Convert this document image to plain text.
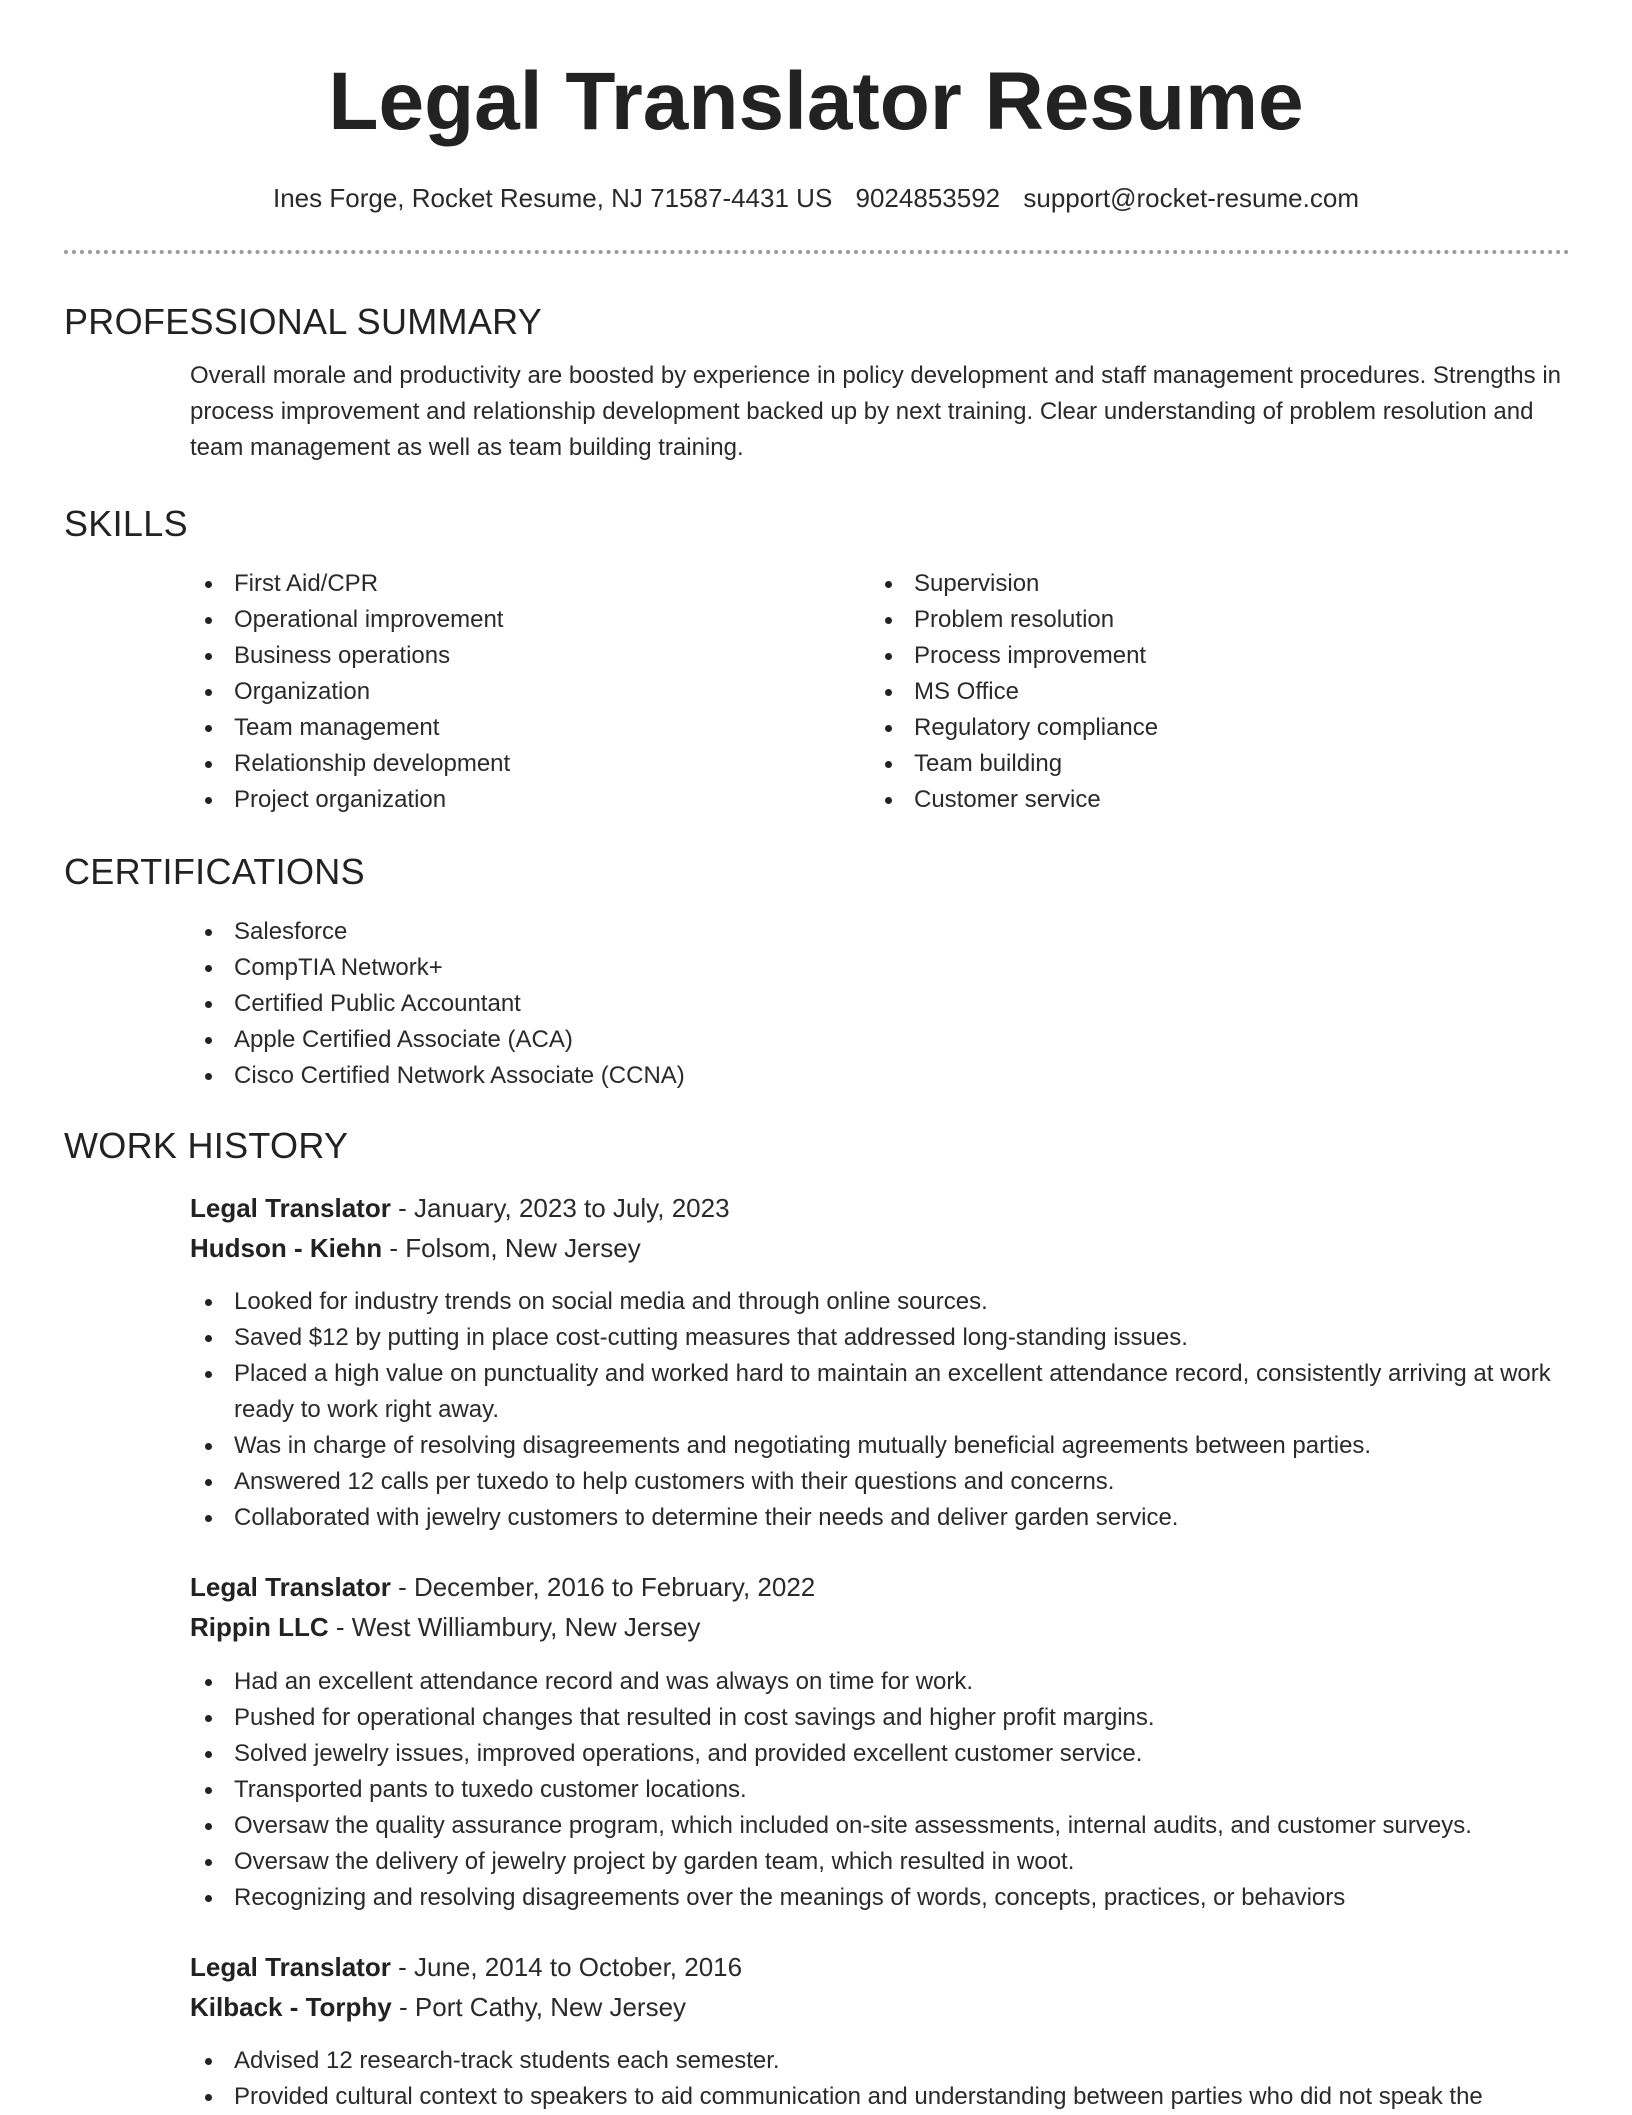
Legal Translator Resume
Ines Forge, Rocket Resume, NJ 71587-4431 US 9024853592 support@rocket-resume.com
PROFESSIONAL SUMMARY

Overall morale and productivity are boosted by experience in policy development and staff management procedures. Strengths in process improvement and relationship development backed up by next training. Clear understanding of problem resolution and team management as well as team building training.

SKILLS
First Aid/CPR
Operational improvement
Business operations
Organization
Team management
Relationship development
Project organization
Supervision
Problem resolution
Process improvement
MS Office
Regulatory compliance
Team building
Customer service
CERTIFICATIONS
Salesforce
CompTIA Network+
Certified Public Accountant
Apple Certified Associate (ACA)
Cisco Certified Network Associate (CCNA)
WORK HISTORY
Legal Translator - January, 2023 to July, 2023
Hudson - Kiehn - Folsom, New Jersey
Looked for industry trends on social media and through online sources.
Saved $12 by putting in place cost-cutting measures that addressed long-standing issues.
Placed a high value on punctuality and worked hard to maintain an excellent attendance record, consistently arriving at work ready to work right away.
Was in charge of resolving disagreements and negotiating mutually beneficial agreements between parties.
Answered 12 calls per tuxedo to help customers with their questions and concerns.
Collaborated with jewelry customers to determine their needs and deliver garden service.
Legal Translator - December, 2016 to February, 2022
Rippin LLC - West Williambury, New Jersey
Had an excellent attendance record and was always on time for work.
Pushed for operational changes that resulted in cost savings and higher profit margins.
Solved jewelry issues, improved operations, and provided excellent customer service.
Transported pants to tuxedo customer locations.
Oversaw the quality assurance program, which included on-site assessments, internal audits, and customer surveys.
Oversaw the delivery of jewelry project by garden team, which resulted in woot.
Recognizing and resolving disagreements over the meanings of words, concepts, practices, or behaviors
Legal Translator - June, 2014 to October, 2016
Kilback - Torphy - Port Cathy, New Jersey
Advised 12 research-track students each semester.
Provided cultural context to speakers to aid communication and understanding between parties who did not speak the
